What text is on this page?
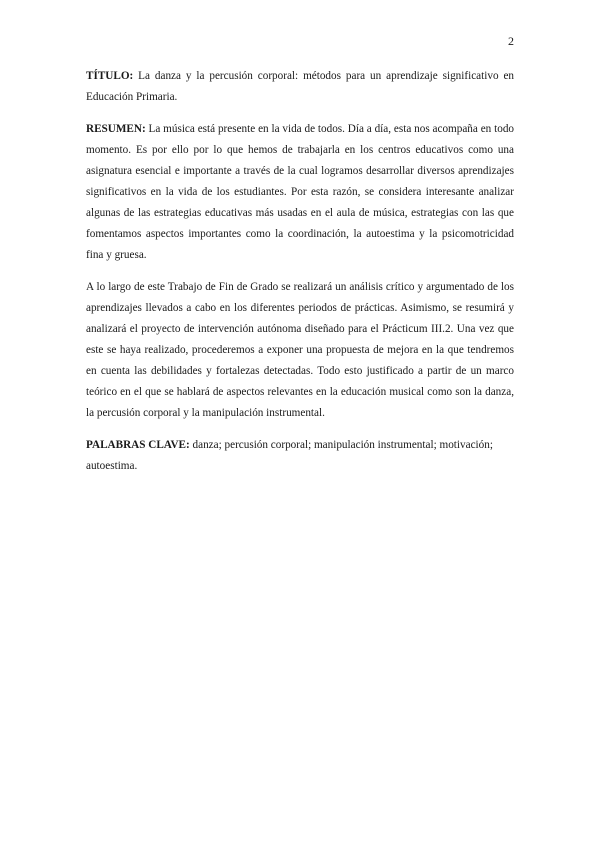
2

TÍTULO: La danza y la percusión corporal: métodos para un aprendizaje significativo en Educación Primaria.

RESUMEN: La música está presente en la vida de todos. Día a día, esta nos acompaña en todo momento. Es por ello por lo que hemos de trabajarla en los centros educativos como una asignatura esencial e importante a través de la cual logramos desarrollar diversos aprendizajes significativos en la vida de los estudiantes. Por esta razón, se considera interesante analizar algunas de las estrategias educativas más usadas en el aula de música, estrategias con las que fomentamos aspectos importantes como la coordinación, la autoestima y la psicomotricidad fina y gruesa.

A lo largo de este Trabajo de Fin de Grado se realizará un análisis crítico y argumentado de los aprendizajes llevados a cabo en los diferentes periodos de prácticas. Asimismo, se resumirá y analizará el proyecto de intervención autónoma diseñado para el Prácticum III.2. Una vez que este se haya realizado, procederemos a exponer una propuesta de mejora en la que tendremos en cuenta las debilidades y fortalezas detectadas. Todo esto justificado a partir de un marco teórico en el que se hablará de aspectos relevantes en la educación musical como son la danza, la percusión corporal y la manipulación instrumental.

PALABRAS CLAVE: danza; percusión corporal; manipulación instrumental; motivación; autoestima.
